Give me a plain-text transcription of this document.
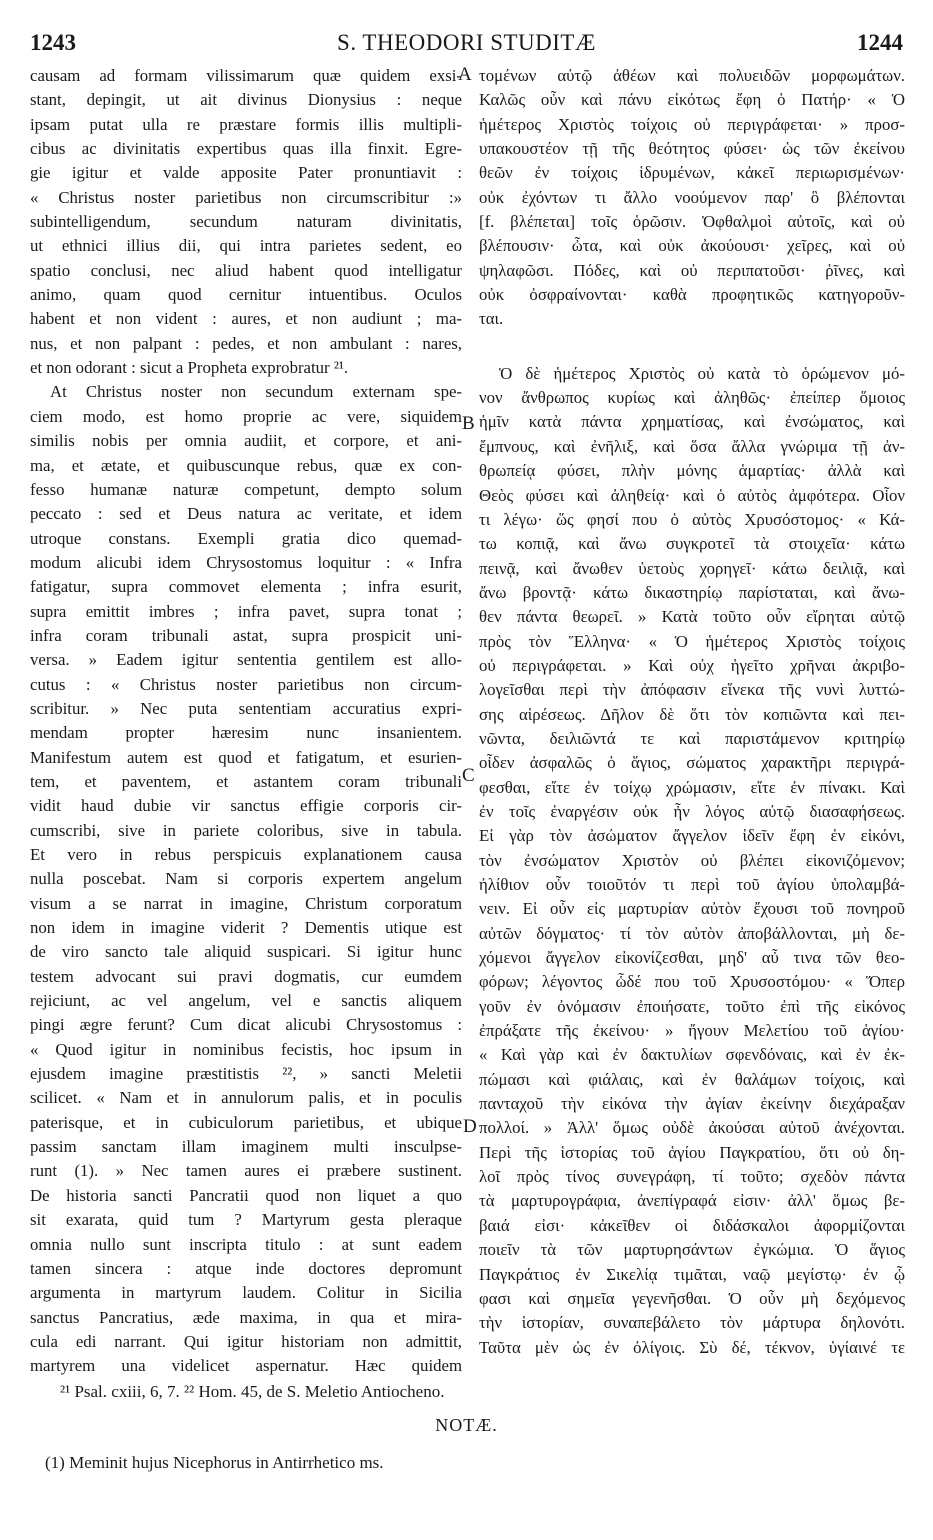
1243	S. THEODORI STUDITÆ	1244
causam ad formam vilissimarum quæ quidem exsi-
stant, depingit, ut ait divinus Dionysius : neque
ipsam putat ulla re præstare formis illis multipli-
cibus ac divinitatis expertibus quas illa finxit. Egre-
gie igitur et valde apposite Pater pronuntiavit :
« Christus noster parietibus non circumscribitur :»
subintelligendum, secundum naturam divinitatis,
ut ethnici illius dii, qui intra parietes sedent, eo
spatio conclusi, nec aliud habent quod intelligatur
animo, quam quod cernitur intuentibus. Oculos
habent et non vident : aures, et non audiunt ; ma-
nus, et non palpant : pedes, et non ambulant : nares,
et non odorant : sicut a Propheta exprobratur ²¹.
At Christus noster non secundum externam spe-
ciem modo, est homo proprie ac vere, siquidem
similis nobis per omnia audiit, et corpore, et ani-
ma, et ætate, et quibuscunque rebus, quæ ex con-
fesso humanæ naturæ competunt, dempto solum
peccato : sed et Deus natura ac veritate, et idem
utroque constans. Exempli gratia dico quemad-
modum alicubi idem Chrysostomus loquitur : « Infra
fatigatur, supra commovet elementa ; infra esurit,
supra emittit imbres ; infra pavet, supra tonat ;
infra coram tribunali astat, supra prospicit uni-
versa. » Eadem igitur sententia gentilem est allo-
cutus : « Christus noster parietibus non circum-
scribitur. » Nec puta sententiam accuratius expri-
mendam propter hæresim nunc insanientem.
Manifestum autem est quod et fatigatum, et esurien-
tem, et paventem, et astantem coram tribunali
vidit haud dubie vir sanctus effigie corporis cir-
cumscribi, sive in pariete coloribus, sive in tabula.
Et vero in rebus perspicuis explanationem causa
nulla poscebat. Nam si corporis expertem angelum
visum a se narrat in imagine, Christum corporatum
non idem in imagine viderit ? Dementis utique est
de viro sancto tale aliquid suspicari. Si igitur hunc
testem advocant sui pravi dogmatis, cur eumdem
rejiciunt, ac vel angelum, vel e sanctis aliquem
pingi ægre ferunt? Cum dicat alicubi Chrysostomus :
« Quod igitur in nominibus fecistis, hoc ipsum in
ejusdem imagine præstitistis ²², » sancti Meletii
scilicet. « Nam et in annulorum palis, et in poculis
paterisque, et in cubiculorum parietibus, et ubique
passim sanctam illam imaginem multi insculpse-
runt (1). » Nec tamen aures ei præbere sustinent.
De historia sancti Pancratii quod non liquet a quo
sit exarata, quid tum ? Martyrum gesta pleraque
omnia nullo sunt inscripta titulo : at sunt eadem
tamen sincera : atque inde doctores depromunt
argumenta in martyrum laudem. Colitur in Sicilia
sanctus Pancratius, æde maxima, in qua et mira-
cula edi narrant. Qui igitur historiam non admittit,
martyrem una videlicet aspernatur. Hæc quidem
τομένων αὐτῷ ἀθέων καὶ πολυειδῶν μορφωμάτων.
Καλῶς οὖν καὶ πάνυ εἰκότως ἔφη ὁ Πατήρ· « Ὁ
ἡμέτερος Χριστὸς τοίχοις οὐ περιγράφεται· » προσ-
υπακουστέον τῇ τῆς θεότητος φύσει· ὡς τῶν ἐκείνου
θεῶν ἐν τοίχοις ἱδρυμένων, κἀκεῖ περιωρισμένων·
οὐκ ἐχόντων τι ἄλλο νοούμενον παρ' ὃ βλέπονται
[f. βλέπεται] τοῖς ὁρῶσιν. Ὀφθαλμοὶ αὐτοῖς, καὶ οὐ
βλέπουσιν· ὦτα, καὶ οὐκ ἀκούουσι· χεῖρες, καὶ οὐ
ψηλαφῶσι. Πόδες, καὶ οὐ περιπατοῦσι· ῥῖνες, καὶ
οὐκ ὀσφραίνονται· καθὰ προφητικῶς κατηγοροῦν-
ται.
Ὁ δὲ ἡμέτερος Χριστὸς οὐ κατὰ τὸ ὁρώμενον μό-
νον ἄνθρωπος κυρίως καὶ ἀληθῶς· ἐπείπερ ὅμοιος
ἡμῖν κατὰ πάντα χρηματίσας, καὶ ἐνσώματος, καὶ
ἔμπνους, καὶ ἐνῆλιξ, καὶ ὅσα ἄλλα γνώριμα τῇ ἀν-
θρωπείᾳ φύσει, πλὴν μόνης ἁμαρτίας· ἀλλὰ καὶ
Θεὸς φύσει καὶ ἀληθείᾳ· καὶ ὁ αὐτὸς ἀμφότερα. Οἷον
τι λέγω· ὥς φησί που ὁ αὐτὸς Χρυσόστομος· « Κά-
τω κοπιᾷ, καὶ ἄνω συγκροτεῖ τὰ στοιχεῖα· κάτω
πεινᾷ, καὶ ἄνωθεν ὑετοὺς χορηγεῖ· κάτω δειλιᾷ, καὶ
ἄνω βροντᾷ· κάτω δικαστηρίῳ παρίσταται, καὶ ἄνω-
θεν πάντα θεωρεῖ. » Κατὰ τοῦτο οὖν εἴρηται αὐτῷ
πρὸς τὸν Ἕλληνα· « Ὁ ἡμέτερος Χριστὸς τοίχοις
οὐ περιγράφεται. » Καὶ οὐχ ἡγεῖτο χρῆναι ἀκριβο-
λογεῖσθαι περὶ τὴν ἀπόφασιν εἵνεκα τῆς νυνὶ λυττώ-
σης αἱρέσεως. Δῆλον δὲ ὅτι τὸν κοπιῶντα καὶ πει-
νῶντα, δειλιῶντά τε καὶ παριστάμενον κριτηρίῳ
οἶδεν ἀσφαλῶς ὁ ἅγιος, σώματος χαρακτῆρι περιγρά-
φεσθαι, εἴτε ἐν τοίχῳ χρώμασιν, εἴτε ἐν πίνακι. Καὶ
ἐν τοῖς ἐναργέσιν οὐκ ἦν λόγος αὐτῷ διασαφήσεως.
Εἰ γὰρ τὸν ἀσώματον ἄγγελον ἰδεῖν ἔφη ἐν εἰκόνι,
τὸν ἐνσώματον Χριστὸν οὐ βλέπει εἰκονιζόμενον;
ἠλίθιον οὖν τοιοῦτόν τι περὶ τοῦ ἁγίου ὑπολαμβά-
νειν. Εἰ οὖν εἰς μαρτυρίαν αὐτὸν ἔχουσι τοῦ πονηροῦ
αὐτῶν δόγματος· τί τὸν αὐτὸν ἀποβάλλονται, μὴ δε-
χόμενοι ἄγγελον εἰκονίζεσθαι, μηδ' αὖ τινα τῶν θεο-
φόρων; λέγοντος ὧδέ που τοῦ Χρυσοστόμου· « Ὅπερ
γοῦν ἐν ὀνόμασιν ἐποιήσατε, τοῦτο ἐπὶ τῆς εἰκόνος
ἐπράξατε τῆς ἐκείνου· » ἤγουν Μελετίου τοῦ ἁγίου·
« Καὶ γὰρ καὶ ἐν δακτυλίων σφενδόναις, καὶ ἐν ἐκ-
πώμασι καὶ φιάλαις, καὶ ἐν θαλάμων τοίχοις, καὶ
πανταχοῦ τὴν εἰκόνα τὴν ἁγίαν ἐκείνην διεχάραξαν
πολλοί. » Ἀλλ' ὅμως οὐδὲ ἀκούσαι αὐτοῦ ἀνέχονται.
Περὶ τῆς ἱστορίας τοῦ ἁγίου Παγκρατίου, ὅτι οὐ δη-
λοῖ πρὸς τίνος συνεγράφη, τί τοῦτο; σχεδὸν πάντα
τὰ μαρτυρογράφια, ἀνεπίγραφά εἰσιν· ἀλλ' ὅμως βε-
βαιά εἰσι· κἀκεῖθεν οἱ διδάσκαλοι ἀφορμίζονται
ποιεῖν τὰ τῶν μαρτυρησάντων ἐγκώμια. Ὁ ἅγιος
Παγκράτιος ἐν Σικελίᾳ τιμᾶται, ναῷ μεγίστῳ· ἐν ᾧ
φασι καὶ σημεῖα γεγενῆσθαι. Ὁ οὖν μὴ δεχόμενος
τὴν ἱστορίαν, συναπεβάλετο τὸν μάρτυρα δηλονότι.
Ταῦτα μὲν ὡς ἐν ὀλίγοις. Σὺ δέ, τέκνον, ὑγίαινέ τε
A
B
C
D
²¹ Psal. cxiii, 6, 7. ²² Hom. 45, de S. Meletio Antiocheno.
NOTÆ.
(1) Meminit hujus Nicephorus in Antirrhetico ms.
